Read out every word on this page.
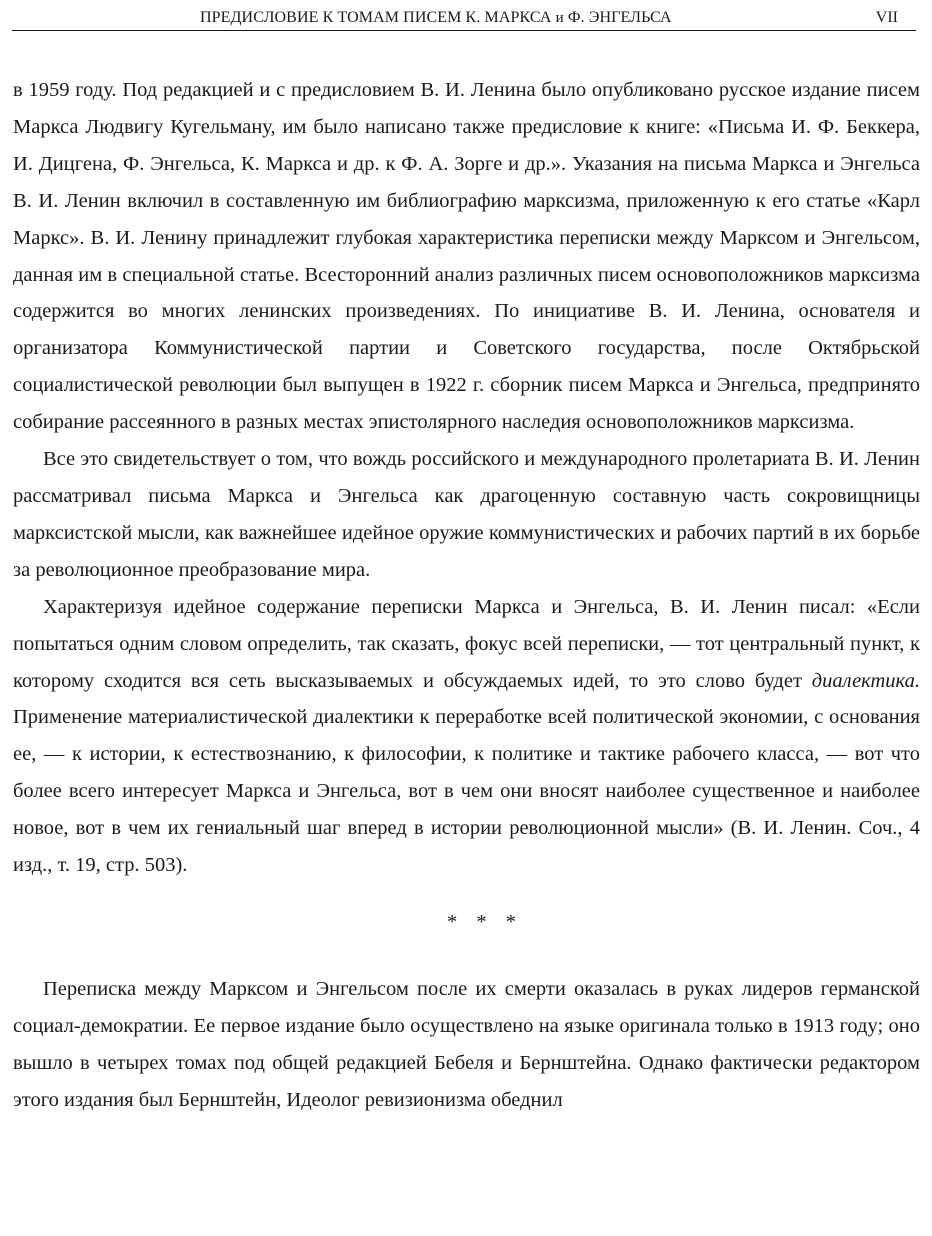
ПРЕДИСЛОВИЕ К ТОМАМ ПИСЕМ К. МАРКСА и Ф. ЭНГЕЛЬСА	VII

в 1959 году. Под редакцией и с предисловием В. И. Ленина было опубликовано русское издание писем Маркса Людвигу Кугельману, им было написано также предисловие к книге: «Письма И. Ф. Беккера, И. Дицгена, Ф. Энгельса, К. Маркса и др. к Ф. А. Зорге и др.». Указания на письма Маркса и Энгельса В. И. Ленин включил в составленную им библиографию марксизма, приложенную к его статье «Карл Маркс». В. И. Ленину принадлежит глубокая характеристика переписки между Марксом и Энгельсом, данная им в специальной статье. Всесторонний анализ различных писем основоположников марксизма содержится во многих ленинских произведениях. По инициативе В. И. Ленина, основателя и организатора Коммунистической партии и Советского государства, после Октябрьской социалистической революции был выпущен в 1922 г. сборник писем Маркса и Энгельса, предпринято собирание рассеянного в разных местах эпистолярного наследия основоположников марксизма.

Все это свидетельствует о том, что вождь российского и международного пролетариата В. И. Ленин рассматривал письма Маркса и Энгельса как драгоценную составную часть сокровищницы марксистской мысли, как важнейшее идейное оружие коммунистических и рабочих партий в их борьбе за революционное преобразование мира.

Характеризуя идейное содержание переписки Маркса и Энгельса, В. И. Ленин писал: «Если попытаться одним словом определить, так сказать, фокус всей переписки, — тот центральный пункт, к которому сходится вся сеть высказываемых и обсуждаемых идей, то это слово будет диалектика. Применение материалистической диалектики к переработке всей политической экономии, с основания ее, — к истории, к естествознанию, к философии, к политике и тактике рабочего класса, — вот что более всего интересует Маркса и Энгельса, вот в чем они вносят наиболее существенное и наиболее новое, вот в чем их гениальный шаг вперед в истории революционной мысли» (В. И. Ленин. Соч., 4 изд., т. 19, стр. 503).

* * *

Переписка между Марксом и Энгельсом после их смерти оказалась в руках лидеров германской социал-демократии. Ее первое издание было осуществлено на языке оригинала только в 1913 году; оно вышло в четырех томах под общей редакцией Бебеля и Бернштейна. Однако фактически редактором этого издания был Бернштейн, Идеолог ревизионизма обеднил
